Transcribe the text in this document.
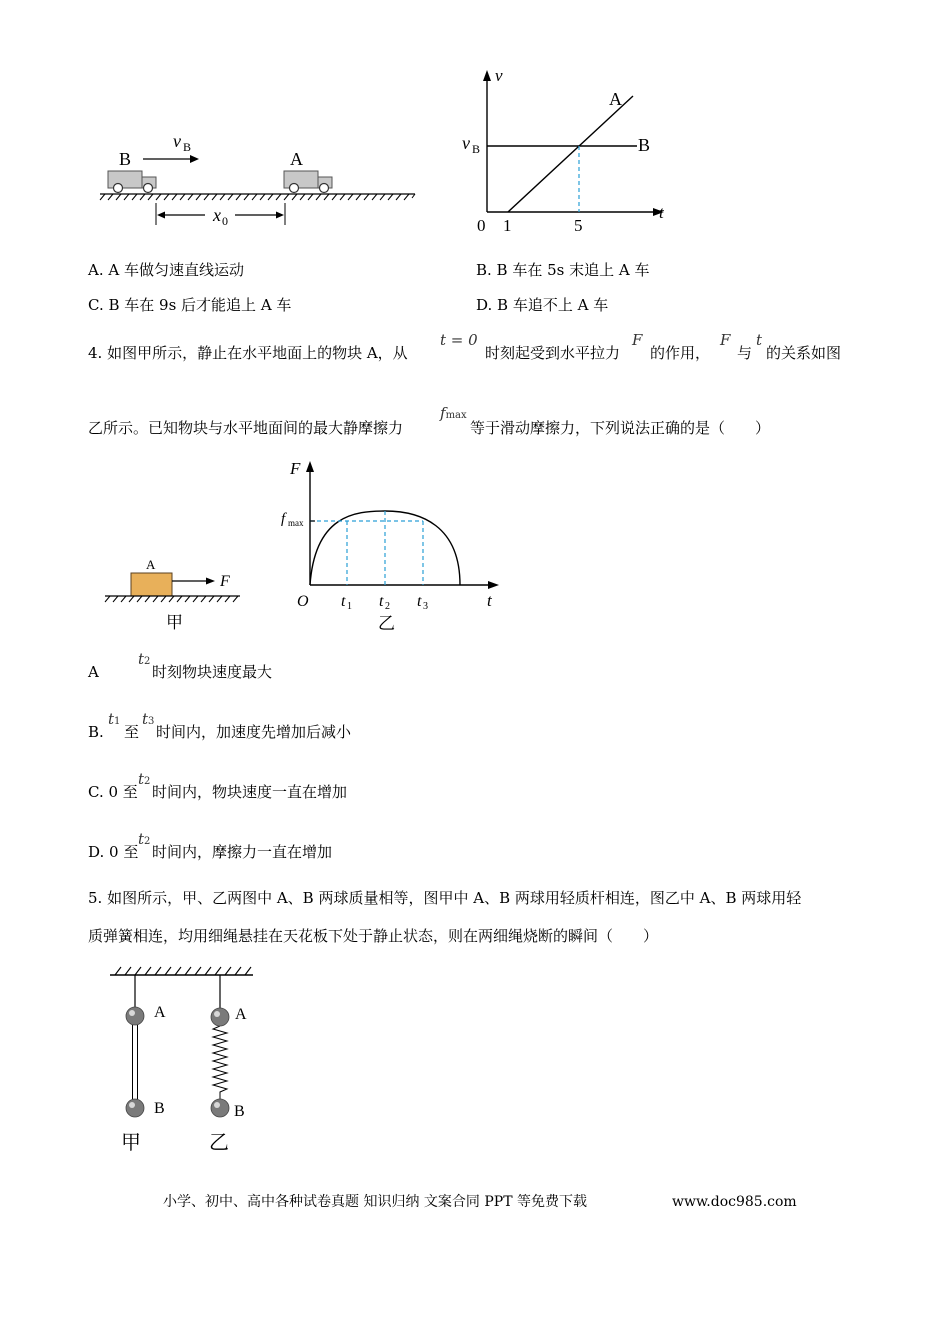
v B
B	A
x 0
v
t
B
A
v B
0 1	5
A. A 车做匀速直线运动	B. B 车在 5s 末追上 A 车
C. B 车在 9s 后才能追上 A 车	D. B 车追不上 A 车
4. 如图甲所示，静止在水平地面上的物块 A，从
t = 0
时刻起受到水平拉力
F
的作用，
F
与
t
的关系如图
乙所示。已知物块与水平地面间的最大静摩擦力
fmax
等于滑动摩擦力，下列说法正确的是（　　）
A
F
甲
F
t
f max
O t 1 t 2 t 3
乙
A
t2
时刻物块速度最大
B.
t1
至
t3
时间内，加速度先增加后减小
C. 0 至
t2
时间内，物块速度一直在增加
D. 0 至
t2
时间内，摩擦力一直在增加
5. 如图所示，甲、乙两图中 A、B 两球质量相等，图甲中 A、B 两球用轻质杆相连，图乙中 A、B 两球用轻
质弹簧相连，均用细绳悬挂在天花板下处于静止状态，则在两细绳烧断的瞬间（　　）
A
B
A
B
甲	乙
小学、初中、高中各种试卷真题 知识归纳 文案合同 PPT 等免费下载	www.doc985.com
